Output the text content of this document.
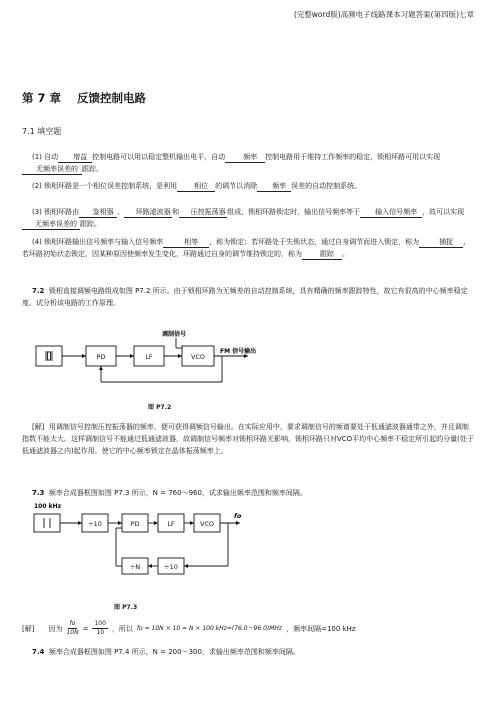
(完整word版)高频电子线路课本习题答案(第四版)七章
第 7 章 反馈控制电路
7.1 填空题
(1) 自动 增益 控制电路可以用以稳定整机输出电平，自动	频率 控制电路用于维持工作频率的稳定，锁相环路可用以实现无频率误差的 跟踪。
(2) 锁相环路是一个相位误差控制系统，是利用 相位 的调节以消除 频率 误差的自动控制系统。
(3) 锁相环路由 鉴相器 、 环路滤波器 和 压控振荡器 组成，锁相环路锁定时，输出信号频率等于 输入信号频率 ，故可以实现无频率误差的 跟踪。
(4) 锁相环路输出信号频率与输入信号频率	相等 ，称为锁定；若环路处于失锁状态，通过自身调节而进入锁定，称为	捕捉 ，若环路初始状态锁定，因某种原因使频率发生变化，环路通过自身的调节维持锁定的，称为	跟踪 。
7.2 锁相直接调频电路组成如图 P7.2 所示。由于锁相环路为无频差的自动控制系统，具有精确的频率跟踪特性，故它有很高的中心频率稳定度。试分析该电路的工作原理。
PD	LF	VCO
调制信号
FM 信号输出
图 P7.2
[解] 用调制信号控制压控振荡器的频率，便可获得调频信号输出。在实际应用中，要求调制信号的频谱要处于低通滤波器通带之外，并且调制指数不能太大。这样调制信号不能通过低通滤波器，故调制信号频率对锁相环路无影响，锁相环路只对VCO平均中心频率不稳定所引起的分量(处于低通滤波器之内)起作用，使它的中心频率锁定在晶体振荡频率上。
7.3 频率合成器框图如图 P7.3 所示，N = 760～960，试求输出频率范围和频率间隔。
100 kHz
÷10	PD	LF	VCO
÷N	÷10
fo
图 P7.3
[解] 因为 $\frac{fo}{10N} = \frac{100}{10}$ ，所以 fo = 10N × 10 = N × 100 kHz=(76.0～96.0)MHz ，频率间隔=100 kHz
7.4 频率合成器框图如图 P7.4 所示，N = 200～300，求输出频率范围和频率间隔。
